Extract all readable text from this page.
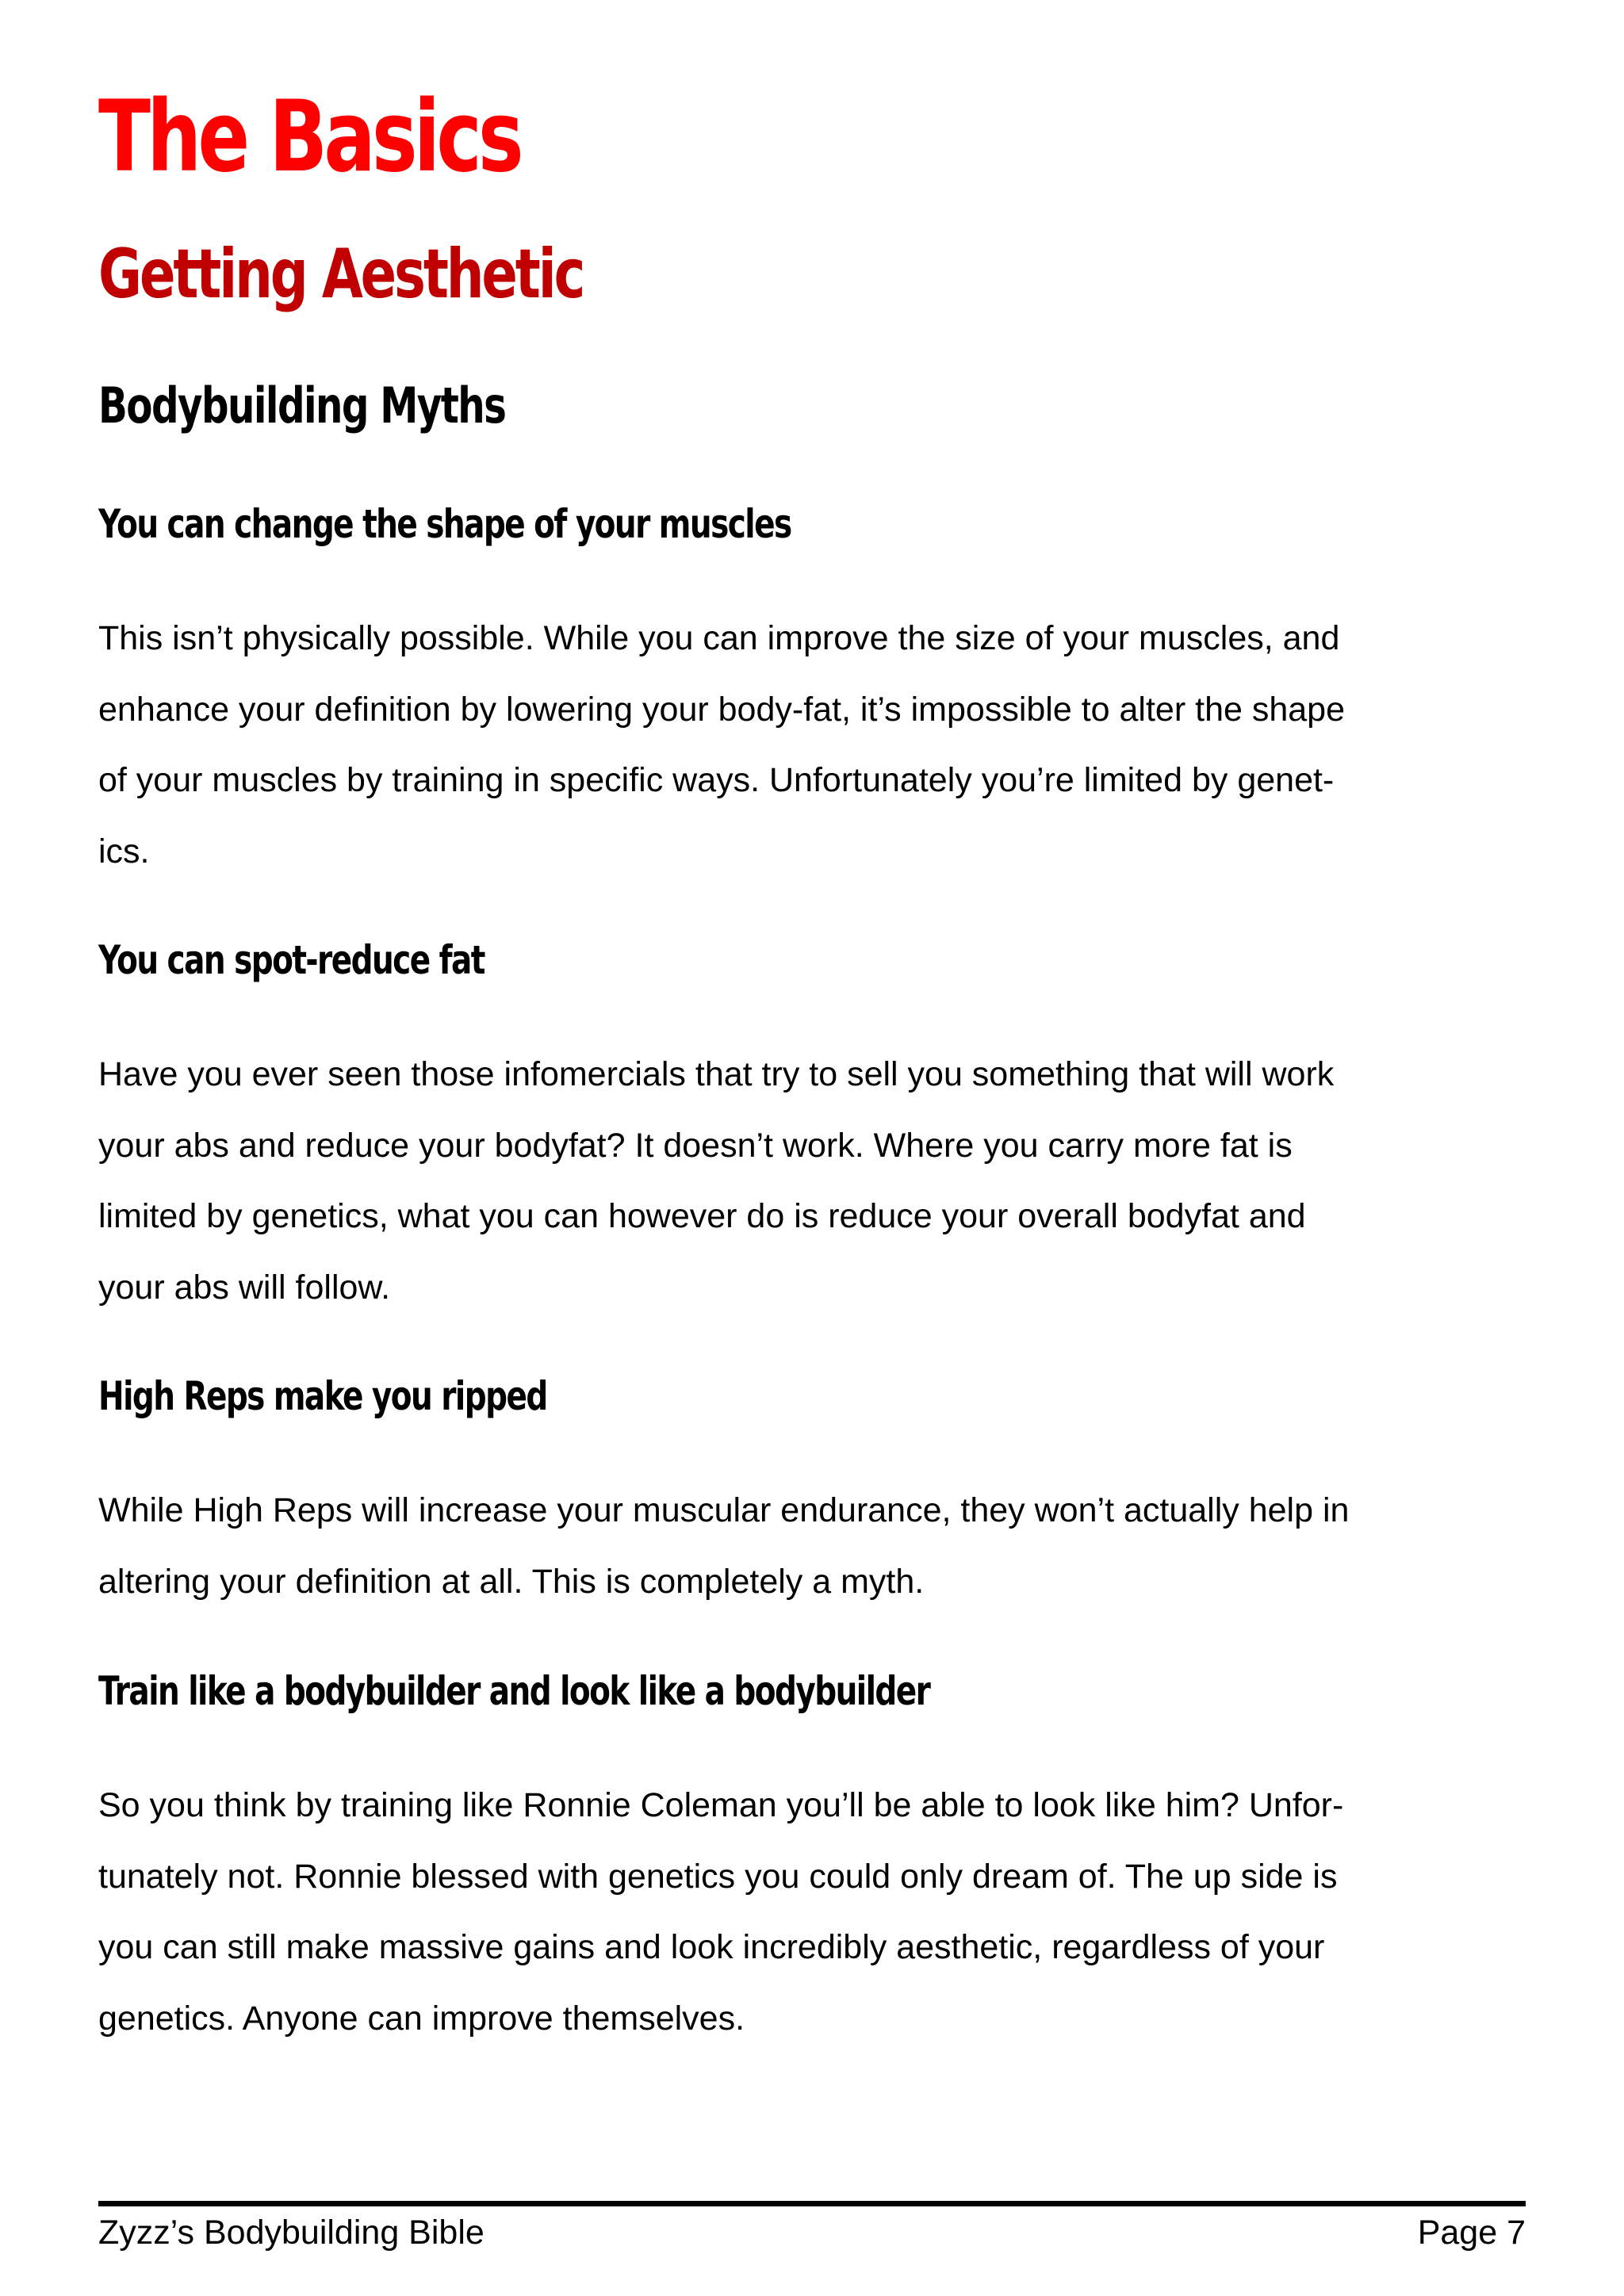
The Basics
Getting Aesthetic
Bodybuilding Myths
You can change the shape of your muscles
This isn’t physically possible. While you can improve the size of your muscles, and
enhance your definition by lowering your body-fat, it’s impossible to alter the shape
of your muscles by training in specific ways. Unfortunately you’re limited by genet-
ics.
You can spot-reduce fat
Have you ever seen those infomercials that try to sell you something that will work
your abs and reduce your bodyfat? It doesn’t work. Where you carry more fat is
limited by genetics, what you can however do is reduce your overall bodyfat and
your abs will follow.
High Reps make you ripped
While High Reps will increase your muscular endurance, they won’t actually help in
altering your definition at all. This is completely a myth.
Train like a bodybuilder and look like a bodybuilder
So you think by training like Ronnie Coleman you’ll be able to look like him? Unfor-
tunately not. Ronnie blessed with genetics you could only dream of. The up side is
you can still make massive gains and look incredibly aesthetic, regardless of your
genetics. Anyone can improve themselves.
Zyzz’s Bodybuilding Bible	Page 7
